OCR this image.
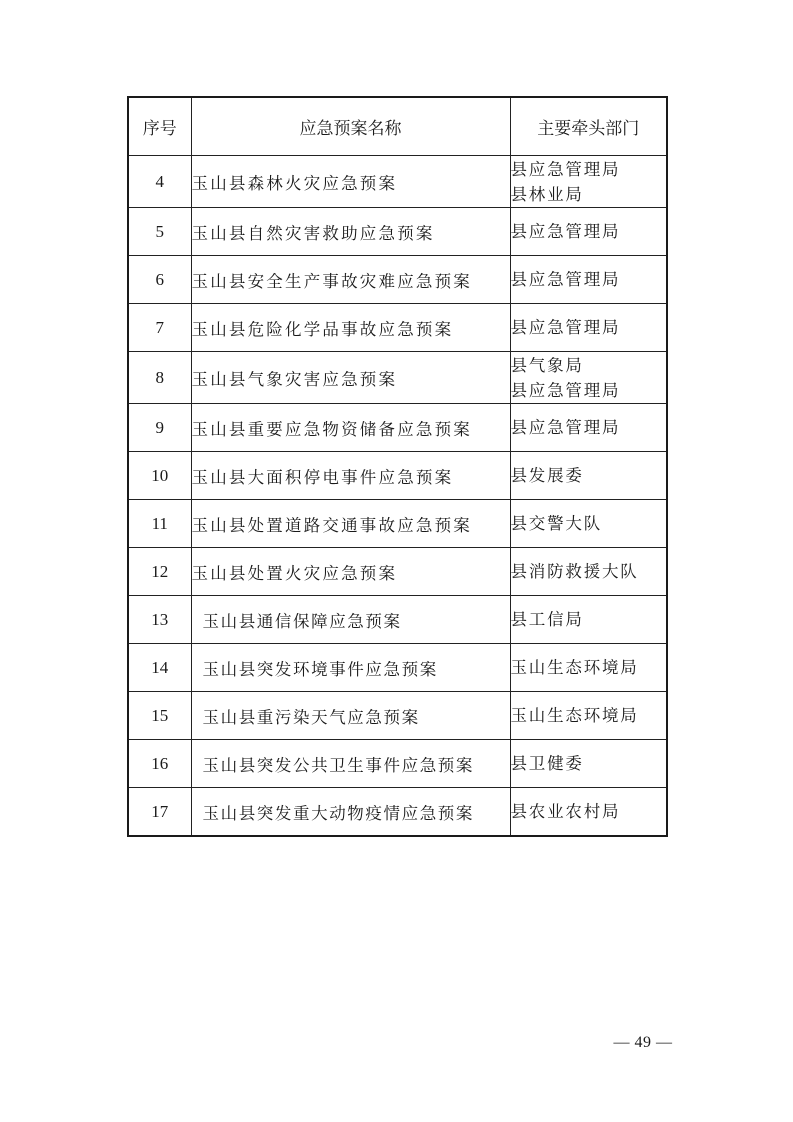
序号	应急预案名称	主要牵头部门
4	玉山县森林火灾应急预案	县应急管理局
县林业局

5	玉山县自然灾害救助应急预案	县应急管理局

6	玉山县安全生产事故灾难应急预案	县应急管理局

7	玉山县危险化学品事故应急预案	县应急管理局

8	玉山县气象灾害应急预案	县气象局
县应急管理局

9	玉山县重要应急物资储备应急预案	县应急管理局

10	玉山县大面积停电事件应急预案	县发展委

11	玉山县处置道路交通事故应急预案	县交警大队

12	玉山县处置火灾应急预案	县消防救援大队

13	玉山县通信保障应急预案	县工信局

14	玉山县突发环境事件应急预案	玉山生态环境局

15	玉山县重污染天气应急预案	玉山生态环境局

16	玉山县突发公共卫生事件应急预案	县卫健委

17	玉山县突发重大动物疫情应急预案	县农业农村局
— 49 —
